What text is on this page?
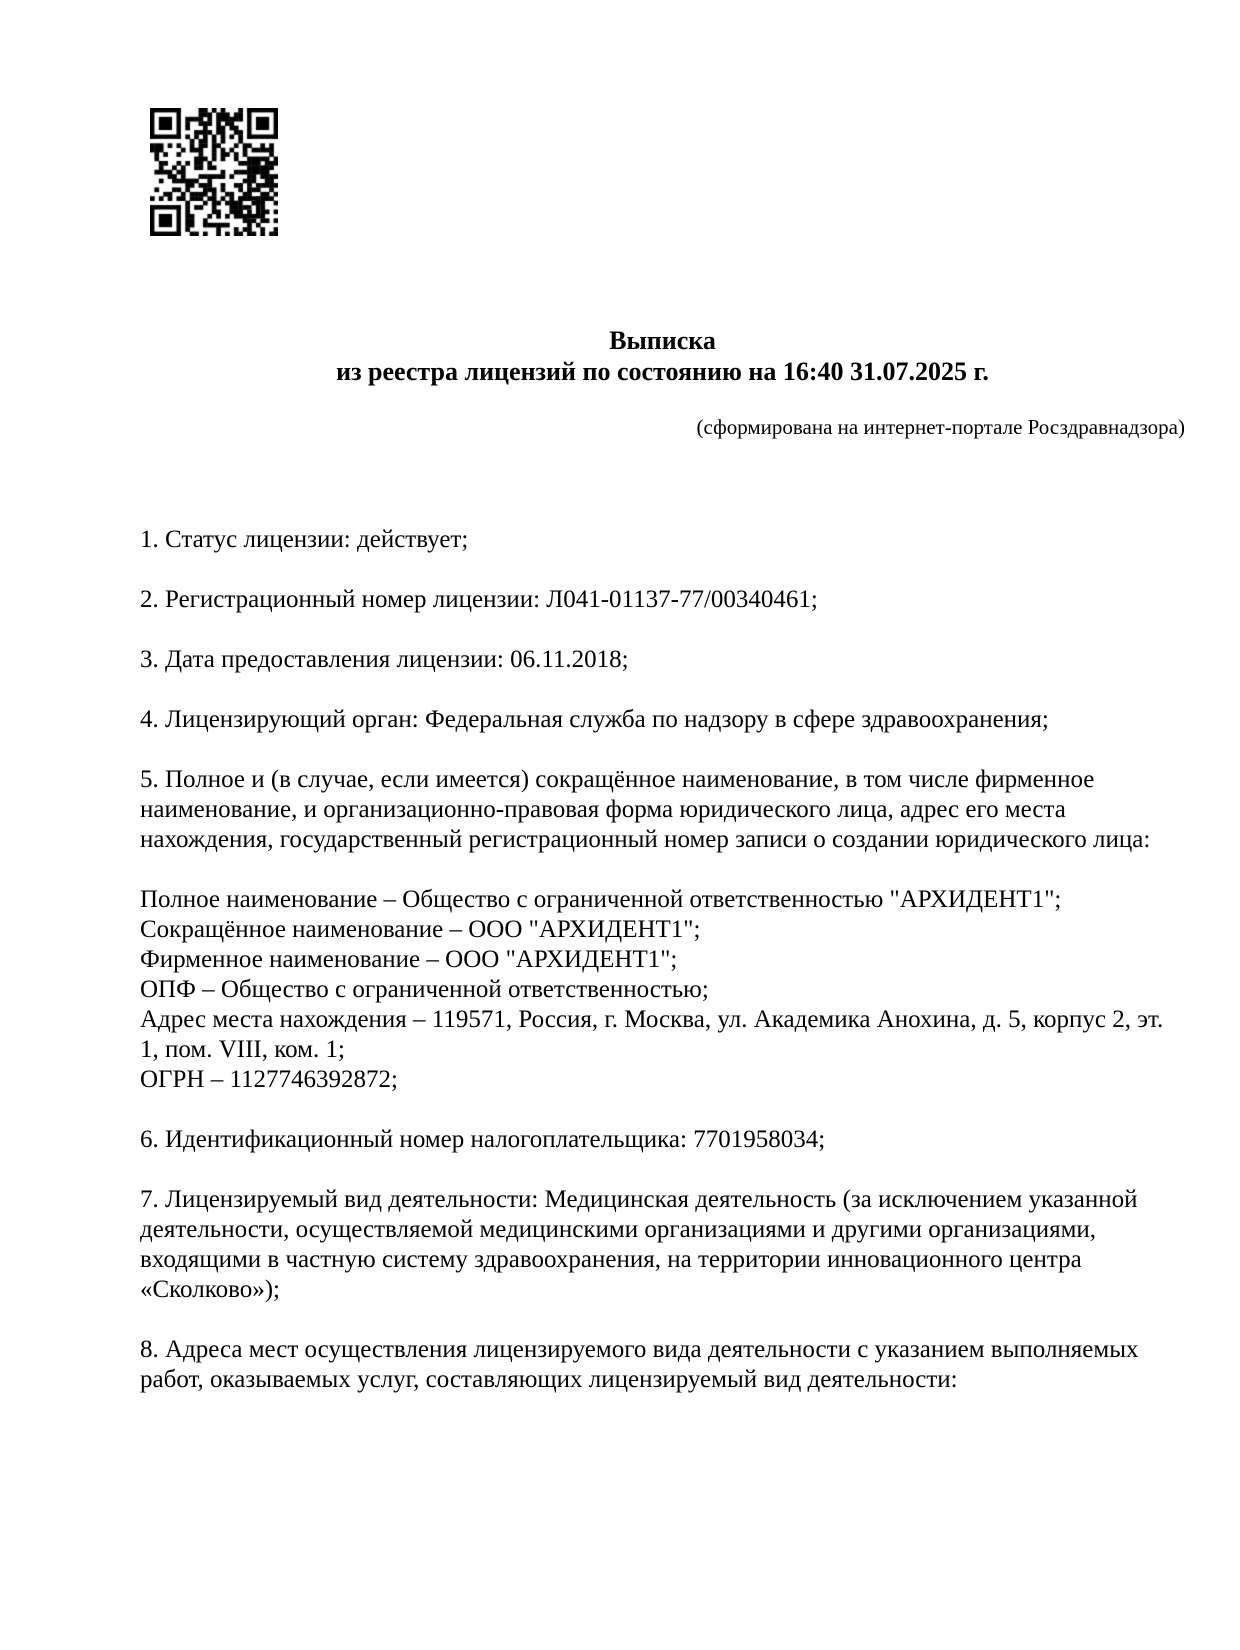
Выписка
из реестра лицензий по состоянию на 16:40 31.07.2025 г.
(сформирована на интернет-портале Росздравнадзора)

1. Статус лицензии: действует;

2. Регистрационный номер лицензии: Л041-01137-77/00340461;

3. Дата предоставления лицензии: 06.11.2018;

4. Лицензирующий орган: Федеральная служба по надзору в сфере здравоохранения;

5. Полное и (в случае, если имеется) сокращённое наименование, в том числе фирменное наименование, и организационно-правовая форма юридического лица, адрес его места нахождения, государственный регистрационный номер записи о создании юридического лица:

Полное наименование – Общество с ограниченной ответственностью "АРХИДЕНТ1";
Сокращённое наименование – ООО "АРХИДЕНТ1";
Фирменное наименование – ООО "АРХИДЕНТ1";
ОПФ – Общество с ограниченной ответственностью;
Адрес места нахождения – 119571, Россия, г. Москва, ул. Академика Анохина, д. 5, корпус 2, эт. 1, пом. VIII, ком. 1;
ОГРН – 1127746392872;

6. Идентификационный номер налогоплательщика: 7701958034;

7. Лицензируемый вид деятельности: Медицинская деятельность (за исключением указанной деятельности, осуществляемой медицинскими организациями и другими организациями, входящими в частную систему здравоохранения, на территории инновационного центра «Сколково»);

8. Адреса мест осуществления лицензируемого вида деятельности с указанием выполняемых работ, оказываемых услуг, составляющих лицензируемый вид деятельности:
